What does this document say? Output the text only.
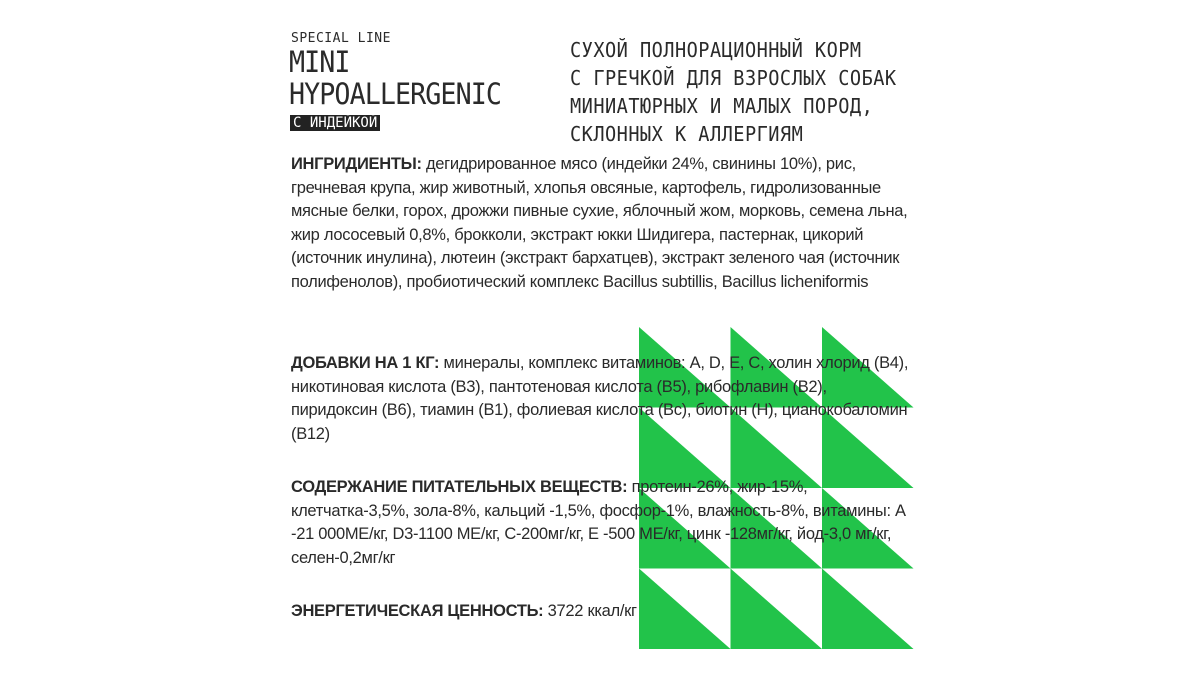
SPECIAL LINE
MINI
HYPOALLERGENIC
С ИНДЕЙКОЙ
СУХОЙ ПОЛНОРАЦИОННЫЙ КОРМ
С ГРЕЧКОЙ ДЛЯ ВЗРОСЛЫХ СОБАК
МИНИАТЮРНЫХ И МАЛЫХ ПОРОД,
СКЛОННЫХ К АЛЛЕРГИЯМ
ИНГРИДИЕНТЫ: дегидрированное мясо (индейки 24%, свинины 10%), рис, гречневая крупа, жир животный, хлопья овсяные, картофель, гидролизованные мясные белки, горох, дрожжи пивные сухие, яблочный жом, морковь, семена льна, жир лососевый 0,8%, брокколи, экстракт юкки Шидигера, пастернак, цикорий (источник инулина), лютеин (экстракт бархатцев), экстракт зеленого чая (источник полифенолов), пробиотический комплекс Bacillus subtillis, Bacillus licheniformis
ДОБАВКИ НА 1 КГ: минералы, комплекс витаминов: A, D, E, C, холин хлорид (B4), никотиновая кислота (B3), пантотеновая кислота (B5), рибофлавин (B2), пиридоксин (B6), тиамин (B1), фолиевая кислота (Bc), биотин (H), цианокобаломин (B12)
СОДЕРЖАНИЕ ПИТАТЕЛЬНЫХ ВЕЩЕСТВ: протеин-26%, жир-15%, клетчатка-3,5%, зола-8%, кальций -1,5%, фосфор-1%, влажность-8%, витамины: A -21 000МЕ/кг, D3-1100 МЕ/кг, C-200мг/кг, E -500 МЕ/кг, цинк -128мг/кг, йод-3,0 мг/кг, селен-0,2мг/кг
ЭНЕРГЕТИЧЕСКАЯ ЦЕННОСТЬ: 3722 ккал/кг
